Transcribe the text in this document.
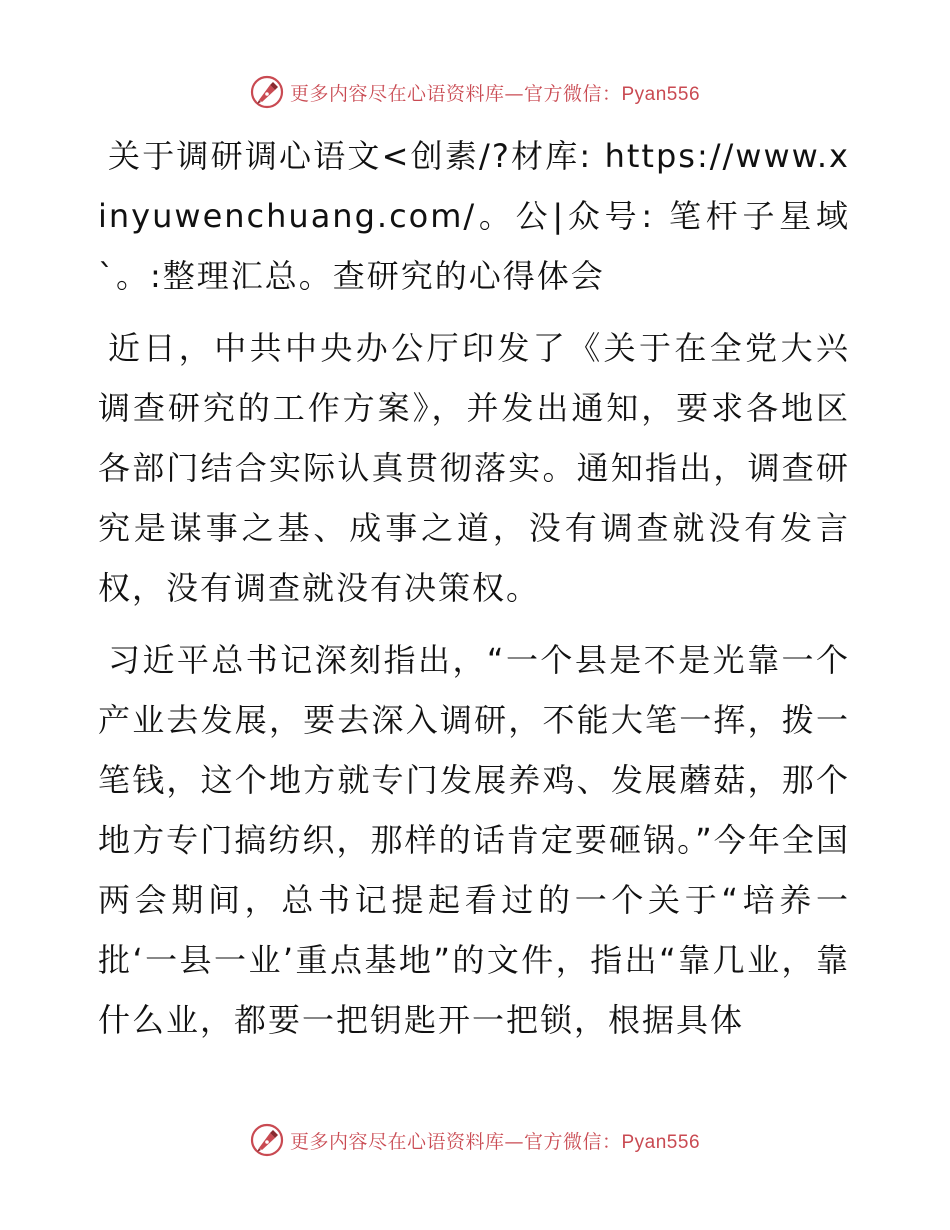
更多内容尽在心语资料库—官方微信：Pyan556

关于调研调心语文<创素/?材库: https://www.xinyuwenchuang.com/。公|众号: 笔杆子星域`。:整理汇总。查研究的心得体会

近日，中共中央办公厅印发了《关于在全党大兴调查研究的工作方案》，并发出通知，要求各地区各部门结合实际认真贯彻落实。通知指出，调查研究是谋事之基、成事之道，没有调查就没有发言权，没有调查就没有决策权。

习近平总书记深刻指出，“一个县是不是光靠一个产业去发展，要去深入调研，不能大笔一挥，拨一笔钱，这个地方就专门发展养鸡、发展蘑菇，那个地方专门搞纺织，那样的话肯定要砸锅。”今年全国两会期间，总书记提起看过的一个关于“培养一批‘一县一业’重点基地”的文件，指出“靠几业，靠什么业，都要一把钥匙开一把锁，根据具体

更多内容尽在心语资料库—官方微信：Pyan556
